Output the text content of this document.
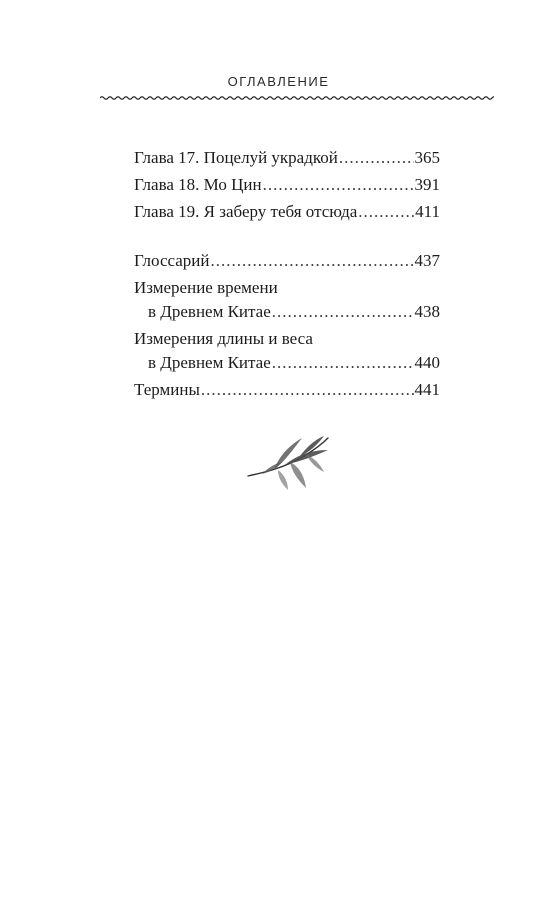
ОГЛАВЛЕНИЕ
Глава 17. Поцелуй украдкой .....	365
Глава 18. Мо Цин .....	391
Глава 19. Я заберу тебя отсюда .....	411
Глоссарий .....	437
Измерение времени
в Древнем Китае .....	438
Измерения длины и веса
в Древнем Китае .....	440
Термины .....	441
